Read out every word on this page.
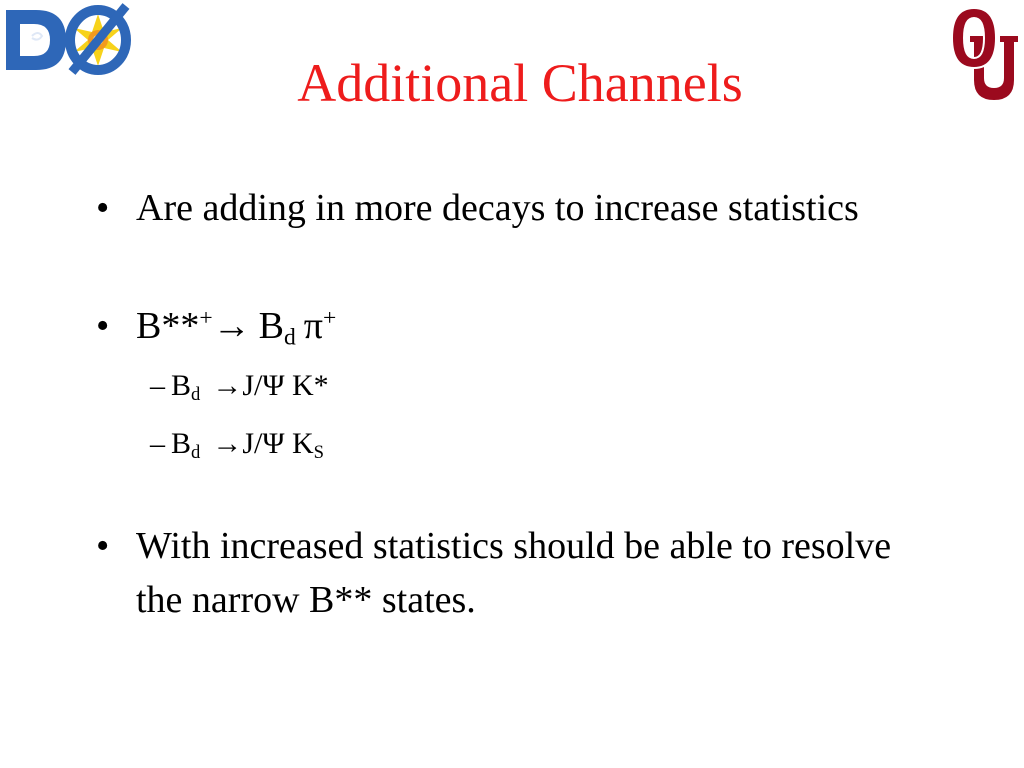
Additional Channels
• Are adding in more decays to increase statistics
• $B**^+\to B_d$ π+
– $B_d \to J/\Psi$ K*
– $B_d \to J/\Psi$ $K_S$
• With increased statistics should be able to resolve the narrow B** states.
